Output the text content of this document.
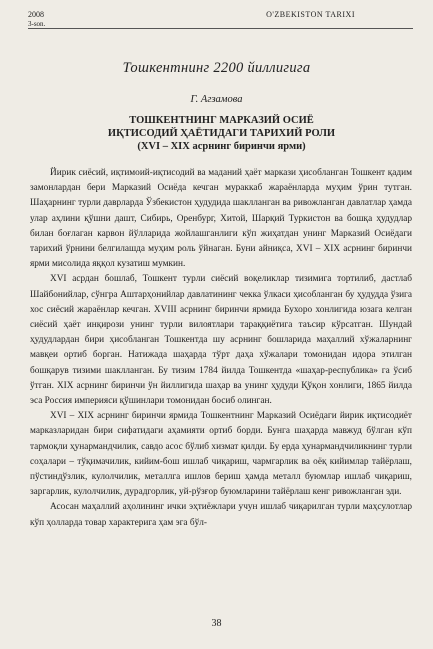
2008
3-son.
O'ZBEKISTON TARIXI
Тошкентнинг 2200 йиллигига
Г. Агзамова
ТОШКЕНТНИНГ МАРКАЗИЙ ОСИЁ
ИҚТИСОДИЙ ҲАЁТИДАГИ ТАРИХИЙ РОЛИ
(XVI – XIX асрнинг биринчи ярми)

Йирик сиёсий, иқтимоий-иқтисодий ва маданий ҳаёт маркази ҳисобланган Тошкент қадим замонлардан бери Марказий Осиёда кечган мураккаб жараёнларда муҳим ўрин тутган. Шаҳарнинг турли даврларда Ўзбекистон ҳудудида шаклланган ва ривожланган давлатлар ҳамда улар аҳлини қўшни дашт, Сибирь, Оренбург, Хитой, Шарқий Туркистон ва бошқа ҳудудлар билан боғлаган карвон йўлларида жойлашганлиги кўп жиҳатдан унинг Марказий Осиёдаги тарихий ўрнини белгилашда муҳим роль ўйнаган. Буни айниқса, XVI – XIX асрнинг биринчи ярми мисолида яққол кузатиш мумкин.

XVI асрдан бошлаб, Тошкент турли сиёсий воқеликлар тизимига тортилиб, дастлаб Шайбонийлар, сўнгра Аштарҳонийлар давлатининг чекка ўлкаси ҳисобланган бу ҳудудда ўзига хос сиёсий жараёнлар кечган. XVIII асрнинг биринчи ярмида Бухоро хонлигида юзага келган сиёсий ҳаёт инқирози унинг турли вилоятлари тараққиётига таъсир кўрсатган. Шундай ҳудудлардан бири ҳисобланган Тошкентда шу асрнинг бошларида маҳаллий хўжаларнинг мавқеи ортиб борган. Натижада шаҳарда тўрт даҳа хўжалари томонидан идора этилган бошқарув тизими шаклланган. Бу тизим 1784 йилда Тошкентда «шаҳар-республика» га ўсиб ўтган. XIX асрнинг биринчи ўн йиллигида шаҳар ва унинг ҳудуди Қўқон хонлиги, 1865 йилда эса Россия империяси қўшинлари томонидан босиб олинган.

XVI – XIX асрнинг биринчи ярмида Тошкентнинг Марказий Осиёдаги йирик иқтисодиёт марказларидан бири сифатидаги аҳамияти ортиб борди. Бунга шаҳарда мавжуд бўлган кўп тармоқли ҳунармандчилик, савдо асос бўлиб хизмат қилди. Бу ерда ҳунармандчиликнинг турли соҳалари – тўқимачилик, кийим-бош ишлаб чиқариш, чармгарлик ва оёқ кийимлар тайёрлаш, пўстиндўзлик, кулолчилик, металлга ишлов бериш ҳамда металл буюмлар ишлаб чиқариш, заргарлик, кулолчилик, дурадгорлик, уй-рўзғор буюмларини тайёрлаш кенг ривожланган эди.

Асосан маҳаллий аҳолининг ички эҳтиёжлари учун ишлаб чиқарилган турли маҳсулотлар кўп ҳолларда товар характерига ҳам эга бўл-

38
